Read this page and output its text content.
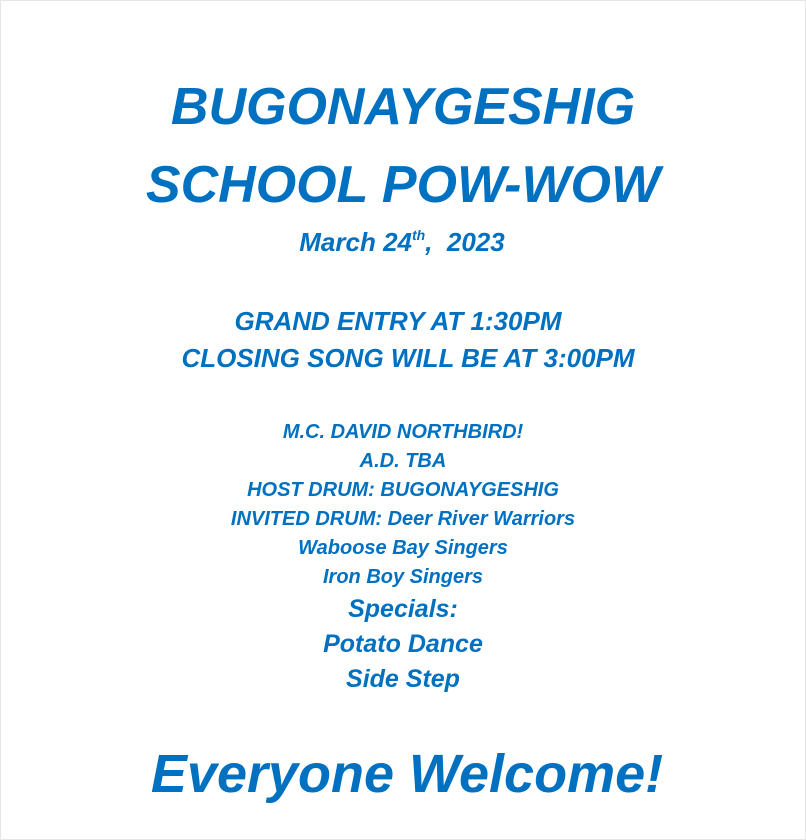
BUGONAYGESHIG
SCHOOL POW-WOW
March 24th,  2023
GRAND ENTRY AT 1:30PM
CLOSING SONG WILL BE AT 3:00PM
M.C. DAVID NORTHBIRD!
A.D. TBA
HOST DRUM: BUGONAYGESHIG
INVITED DRUM: Deer River Warriors
Waboose Bay Singers
Iron Boy Singers
Specials:
Potato Dance
Side Step
Everyone Welcome!
